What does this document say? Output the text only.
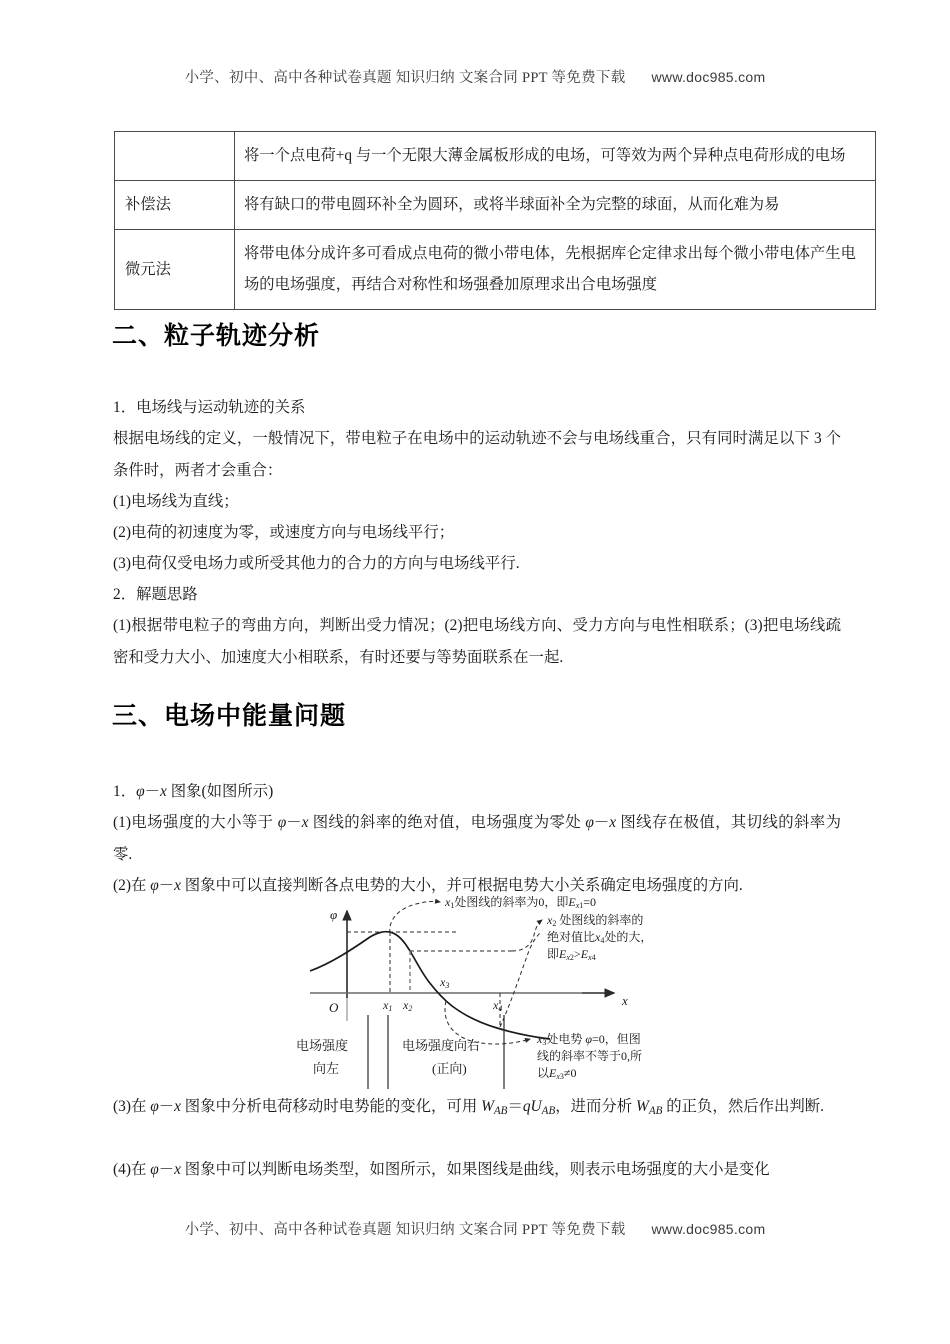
小学、初中、高中各种试卷真题 知识归纳 文案合同 PPT 等免费下载 www.doc985.com
	将一个点电荷+q 与一个无限大薄金属板形成的电场，可等效为两个异种点电荷形成的电场
补偿法	将有缺口的带电圆环补全为圆环，或将半球面补全为完整的球面，从而化难为易
微元法	将带电体分成许多可看成点电荷的微小带电体，先根据库仑定律求出每个微小带电体产生电场的电场强度，再结合对称性和场强叠加原理求出合电场强度
二、粒子轨迹分析
1．电场线与运动轨迹的关系
根据电场线的定义，一般情况下，带电粒子在电场中的运动轨迹不会与电场线重合，只有同时满足以下 3 个条件时，两者才会重合：
(1)电场线为直线；
(2)电荷的初速度为零，或速度方向与电场线平行；
(3)电荷仅受电场力或所受其他力的合力的方向与电场线平行.
2．解题思路
(1)根据带电粒子的弯曲方向，判断出受力情况；(2)把电场线方向、受力方向与电性相联系；(3)把电场线疏密和受力大小、加速度大小相联系，有时还要与等势面联系在一起.
三、电场中能量问题
1．φ－x 图象(如图所示)
(1)电场强度的大小等于 φ－x 图线的斜率的绝对值，电场强度为零处 φ－x 图线存在极值，其切线的斜率为零.
(2)在 φ－x 图象中可以直接判断各点电势的大小，并可根据电势大小关系确定电场强度的方向.
φ
x
O	x1 x2
x3
x4
x1处图线的斜率为0，即Ex1=0
x2 处图线的斜率的
绝对值比x4处的大，
即Ex2>Ex4
x3处电势 φ=0，但图
线的斜率不等于0,所
以Ex3≠0
电场强度
向左
电场强度向右
(正向)
(3)在 φ－x 图象中分析电荷移动时电势能的变化，可用 $W_{AB}=qU_{AB}$，进而分析 $W_{AB}$ 的正负，然后作出判断.
(4)在 φ－x 图象中可以判断电场类型，如图所示，如果图线是曲线，则表示电场强度的大小是变化
小学、初中、高中各种试卷真题 知识归纳 文案合同 PPT 等免费下载 www.doc985.com
